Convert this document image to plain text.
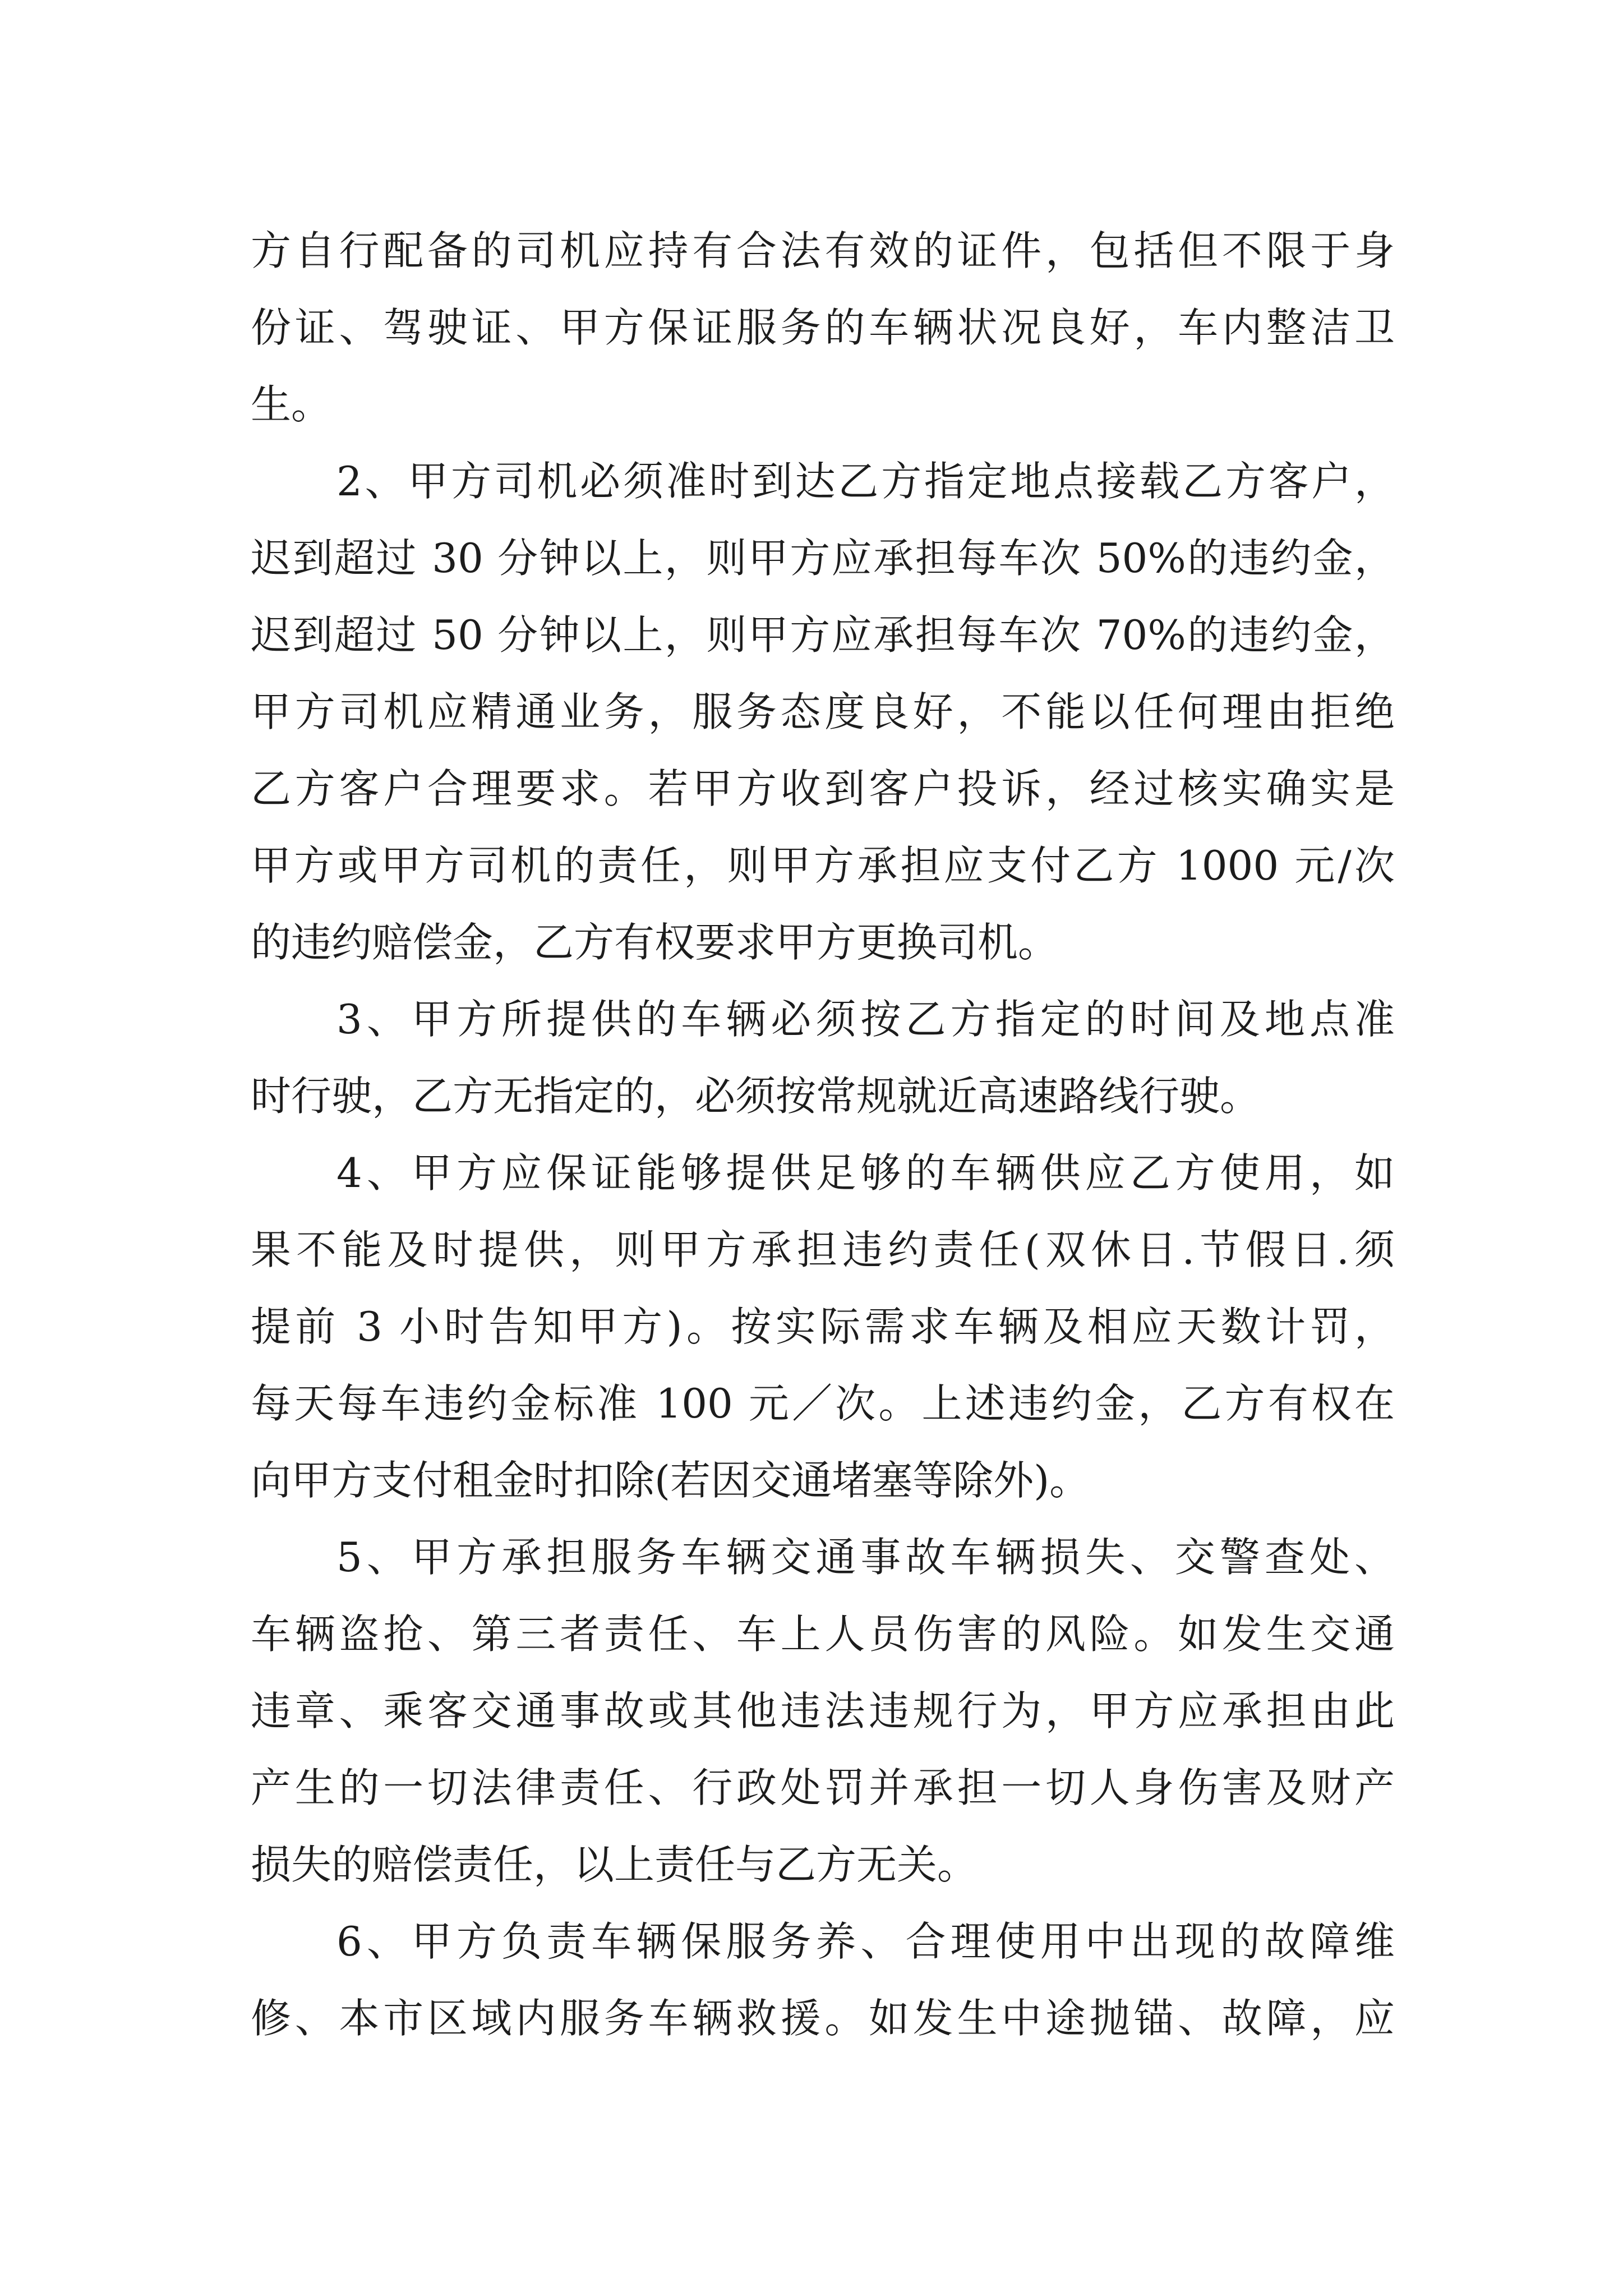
方自行配备的司机应持有合法有效的证件，包括但不限于身
份证、驾驶证、甲方保证服务的车辆状况良好，车内整洁卫
生。
2、甲方司机必须准时到达乙方指定地点接载乙方客户，
迟到超过 30 分钟以上，则甲方应承担每车次 50%的违约金，
迟到超过 50 分钟以上，则甲方应承担每车次 70%的违约金，
甲方司机应精通业务，服务态度良好，不能以任何理由拒绝
乙方客户合理要求。若甲方收到客户投诉，经过核实确实是
甲方或甲方司机的责任，则甲方承担应支付乙方 1000 元/次
的违约赔偿金，乙方有权要求甲方更换司机。
3、甲方所提供的车辆必须按乙方指定的时间及地点准
时行驶，乙方无指定的，必须按常规就近高速路线行驶。
4、甲方应保证能够提供足够的车辆供应乙方使用，如
果不能及时提供，则甲方承担违约责任(双休日.节假日.须
提前 3 小时告知甲方)。按实际需求车辆及相应天数计罚，
每天每车违约金标准 100 元／次。上述违约金，乙方有权在
向甲方支付租金时扣除(若因交通堵塞等除外)。
5、甲方承担服务车辆交通事故车辆损失、交警查处、
车辆盗抢、第三者责任、车上人员伤害的风险。如发生交通
违章、乘客交通事故或其他违法违规行为，甲方应承担由此
产生的一切法律责任、行政处罚并承担一切人身伤害及财产
损失的赔偿责任，以上责任与乙方无关。
6、甲方负责车辆保服务养、合理使用中出现的故障维
修、本市区域内服务车辆救援。如发生中途抛锚、故障，应
